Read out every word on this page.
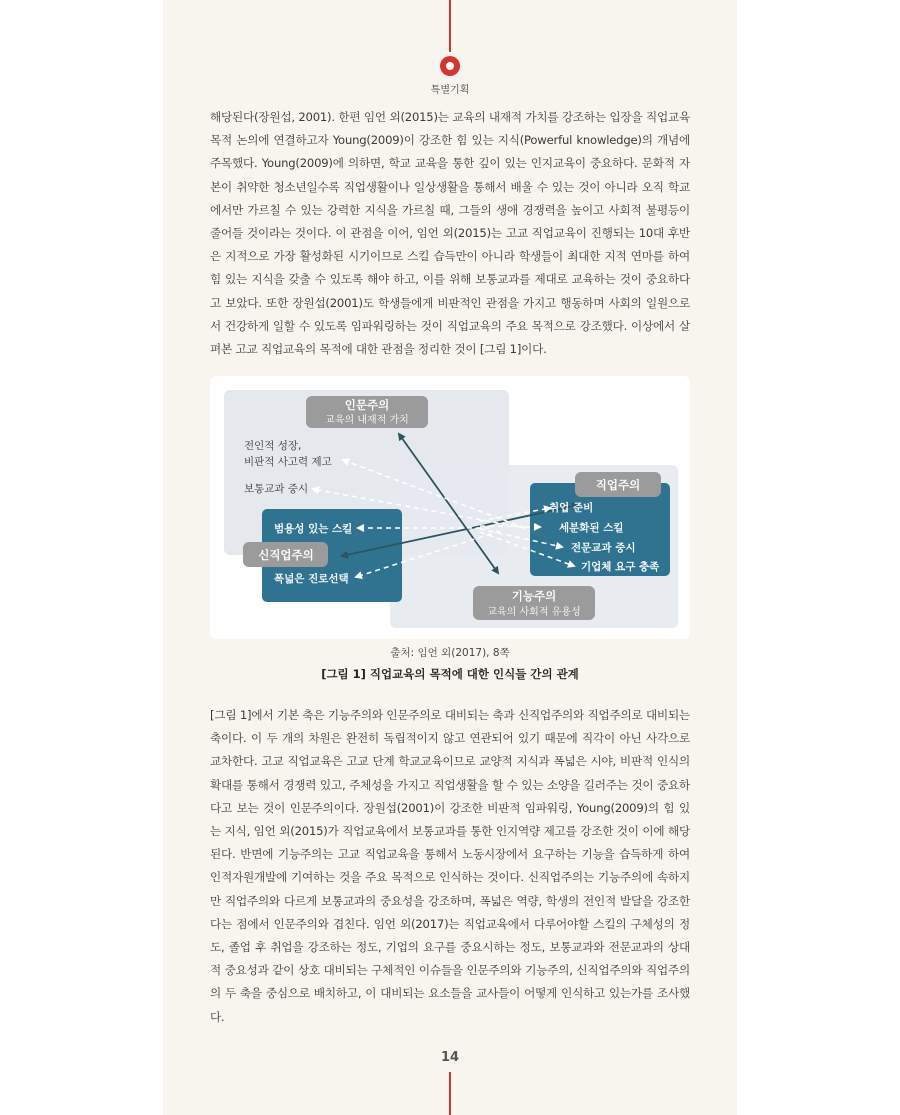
특별기획

해당된다(장원섭, 2001). 한편 임언 외(2015)는 교육의 내재적 가치를 강조하는 입장을 직업교육 목적 논의에 연결하고자 Young(2009)이 강조한 힘 있는 지식(Powerful knowledge)의 개념에 주목했다. Young(2009)에 의하면, 학교 교육을 통한 깊이 있는 인지교육이 중요하다. 문화적 자본이 취약한 청소년일수록 직업생활이나 일상생활을 통해서 배울 수 있는 것이 아니라 오직 학교에서만 가르칠 수 있는 강력한 지식을 가르칠 때, 그들의 생애 경쟁력을 높이고 사회적 불평등이 줄어들 것이라는 것이다. 이 관점을 이어, 임언 외(2015)는 고교 직업교육이 진행되는 10대 후반은 지적으로 가장 활성화된 시기이므로 스킬 습득만이 아니라 학생들이 최대한 지적 연마를 하여 힘 있는 지식을 갖출 수 있도록 해야 하고, 이를 위해 보통교과를 제대로 교육하는 것이 중요하다고 보았다. 또한 장원섭(2001)도 학생들에게 비판적인 관점을 가지고 행동하며 사회의 일원으로서 건강하게 일할 수 있도록 임파워링하는 것이 직업교육의 주요 목적으로 강조했다. 이상에서 살펴본 고교 직업교육의 목적에 대한 관점을 정리한 것이 [그림 1]이다.

인문주의
교육의 내재적 가치
직업주의
신직업주의
기능주의
교육의 사회적 유용성
전인적 성장,
비판적 사고력 제고
보통교과 중시
범용성 있는 스킬
폭넓은 진로선택
취업 준비
세분화된 스킬
전문교과 중시
기업체 요구 충족
출처: 임언 외(2017), 8쪽
[그림 1] 직업교육의 목적에 대한 인식들 간의 관계

[그림 1]에서 기본 축은 기능주의와 인문주의로 대비되는 축과 신직업주의와 직업주의로 대비되는 축이다. 이 두 개의 차원은 완전히 독립적이지 않고 연관되어 있기 때문에 직각이 아닌 사각으로 교차한다. 고교 직업교육은 고교 단계 학교교육이므로 교양적 지식과 폭넓은 시야, 비판적 인식의 확대를 통해서 경쟁력 있고, 주체성을 가지고 직업생활을 할 수 있는 소양을 길러주는 것이 중요하다고 보는 것이 인문주의이다. 장원섭(2001)이 강조한 비판적 임파워링, Young(2009)의 힘 있는 지식, 임언 외(2015)가 직업교육에서 보통교과를 통한 인지역량 제고를 강조한 것이 이에 해당된다. 반면에 기능주의는 고교 직업교육을 통해서 노동시장에서 요구하는 기능을 습득하게 하여 인적자원개발에 기여하는 것을 주요 목적으로 인식하는 것이다. 신직업주의는 기능주의에 속하지만 직업주의와 다르게 보통교과의 중요성을 강조하며, 폭넓은 역량, 학생의 전인적 발달을 강조한다는 점에서 인문주의와 겹친다. 임언 외(2017)는 직업교육에서 다루어야할 스킬의 구체성의 정도, 졸업 후 취업을 강조하는 정도, 기업의 요구를 중요시하는 정도, 보통교과와 전문교과의 상대적 중요성과 같이 상호 대비되는 구체적인 이슈들을 인문주의와 기능주의, 신직업주의와 직업주의의 두 축을 중심으로 배치하고, 이 대비되는 요소들을 교사들이 어떻게 인식하고 있는가를 조사했다.

14
